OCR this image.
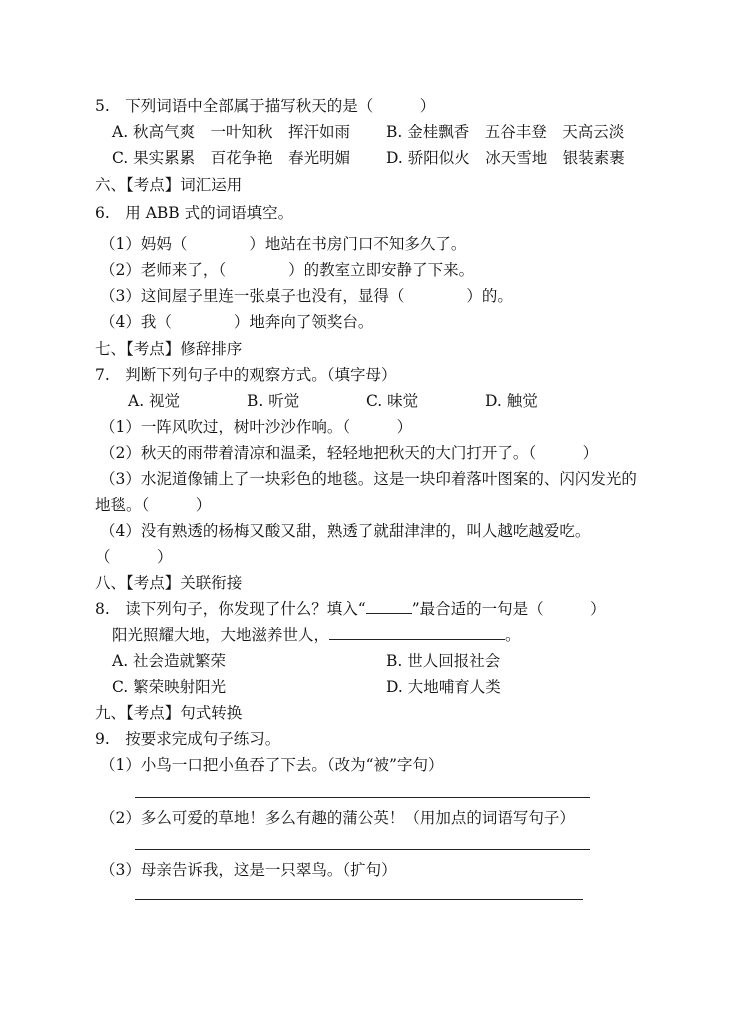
5.　下列词语中全部属于描写秋天的是（　　　）
A. 秋高气爽　一叶知秋　挥汗如雨 B. 金桂飘香　五谷丰登　天高云淡
C. 果实累累　百花争艳　春光明媚 D. 骄阳似火　冰天雪地　银装素裹
六、【考点】词汇运用
6.　用 ABB 式的词语填空。
（1）妈妈（　　　　）地站在书房门口不知多久了。
（2）老师来了，（　　　　）的教室立即安静了下来。
（3）这间屋子里连一张桌子也没有，显得（　　　　）的。
（4）我（　　　　）地奔向了领奖台。
七、【考点】修辞排序
7.　判断下列句子中的观察方式。（填字母）
A. 视觉	B. 听觉	C. 味觉	D. 触觉
（1）一阵风吹过，树叶沙沙作响。（　　　）
（2）秋天的雨带着清凉和温柔，轻轻地把秋天的大门打开了。（　　　）
（3）水泥道像铺上了一块彩色的地毯。这是一块印着落叶图案的、闪闪发光的
地毯。（　　　）
（4）没有熟透的杨梅又酸又甜，熟透了就甜津津的，叫人越吃越爱吃。
（　　　）
八、【考点】关联衔接
8.　读下列句子，你发现了什么？填入“	”最合适的一句是（　　　）
阳光照耀大地，大地滋养世人，	。
A. 社会造就繁荣	B. 世人回报社会
C. 繁荣映射阳光	D. 大地哺育人类
九、【考点】句式转换
9.　按要求完成句子练习。
（1）小鸟一口把小鱼吞了下去。（改为“被”字句）
（2）多么可爱的草地！多么有趣的蒲公英！（用加点的词语写句子）
（3）母亲告诉我，这是一只翠鸟。（扩句）
